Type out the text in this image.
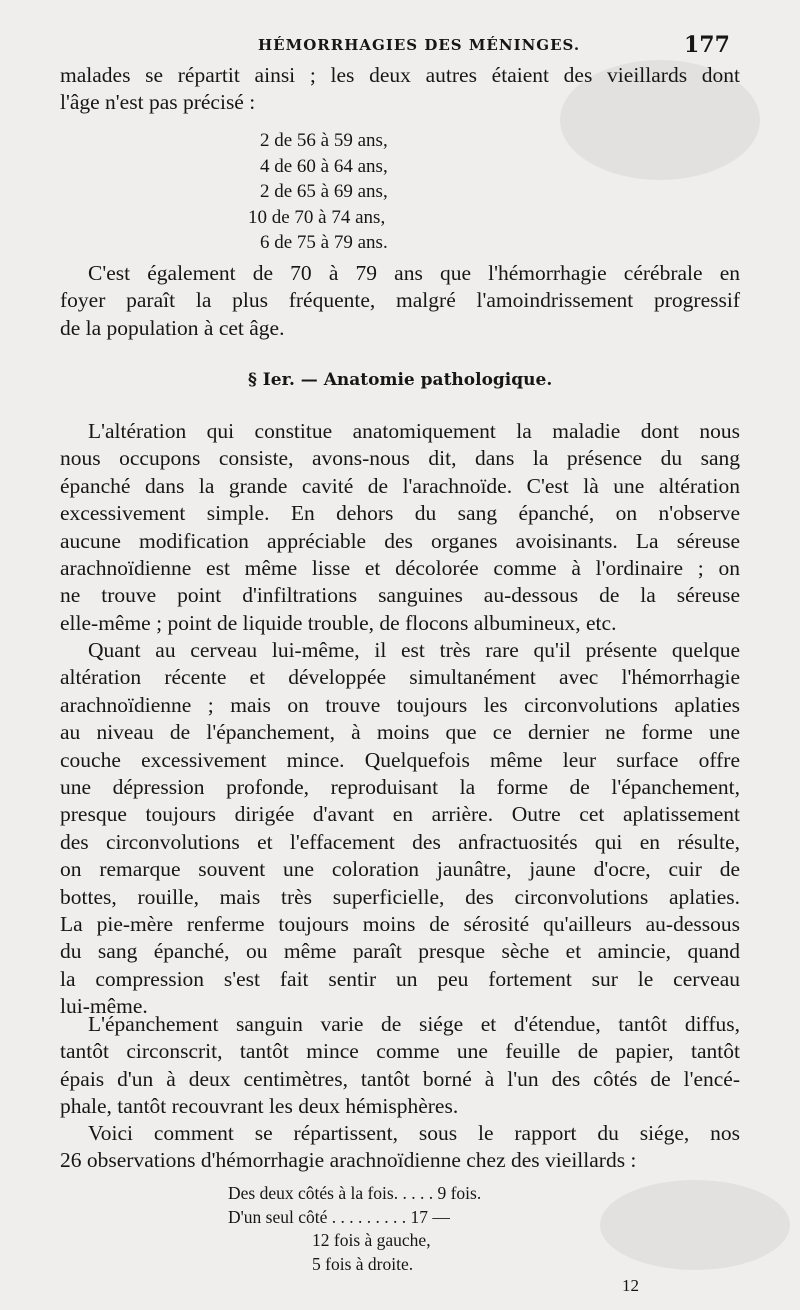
HÉMORRHAGIES DES MÉNINGES.	177
malades se répartit ainsi ; les deux autres étaient des vieillards dont
l'âge n'est pas précisé :
2 de 56 à 59 ans,
4 de 60 à 64 ans,
2 de 65 à 69 ans,
10 de 70 à 74 ans,
6 de 75 à 79 ans.
C'est également de 70 à 79 ans que l'hémorrhagie cérébrale en
foyer paraît la plus fréquente, malgré l'amoindrissement progressif
de la population à cet âge.
§ Ier. — Anatomie pathologique.
L'altération qui constitue anatomiquement la maladie dont nous
nous occupons consiste, avons-nous dit, dans la présence du sang
épanché dans la grande cavité de l'arachnoïde. C'est là une altération
excessivement simple. En dehors du sang épanché, on n'observe
aucune modification appréciable des organes avoisinants. La séreuse
arachnoïdienne est même lisse et décolorée comme à l'ordinaire ; on
ne trouve point d'infiltrations sanguines au-dessous de la séreuse
elle-même ; point de liquide trouble, de flocons albumineux, etc.
Quant au cerveau lui-même, il est très rare qu'il présente quelque
altération récente et développée simultanément avec l'hémorrhagie
arachnoïdienne ; mais on trouve toujours les circonvolutions aplaties
au niveau de l'épanchement, à moins que ce dernier ne forme une
couche excessivement mince. Quelquefois même leur surface offre
une dépression profonde, reproduisant la forme de l'épanchement,
presque toujours dirigée d'avant en arrière. Outre cet aplatissement
des circonvolutions et l'effacement des anfractuosités qui en résulte,
on remarque souvent une coloration jaunâtre, jaune d'ocre, cuir de
bottes, rouille, mais très superficielle, des circonvolutions aplaties.
La pie-mère renferme toujours moins de sérosité qu'ailleurs au-dessous
du sang épanché, ou même paraît presque sèche et amincie, quand
la compression s'est fait sentir un peu fortement sur le cerveau
lui-même.
L'épanchement sanguin varie de siége et d'étendue, tantôt diffus,
tantôt circonscrit, tantôt mince comme une feuille de papier, tantôt
épais d'un à deux centimètres, tantôt borné à l'un des côtés de l'encé-
phale, tantôt recouvrant les deux hémisphères.
Voici comment se répartissent, sous le rapport du siége, nos
26 observations d'hémorrhagie arachnoïdienne chez des vieillards :
Des deux côtés à la fois. . . . . 9 fois.
D'un seul côté . . . . . . . . . 17 —
12 fois à gauche,
5 fois à droite.
12
